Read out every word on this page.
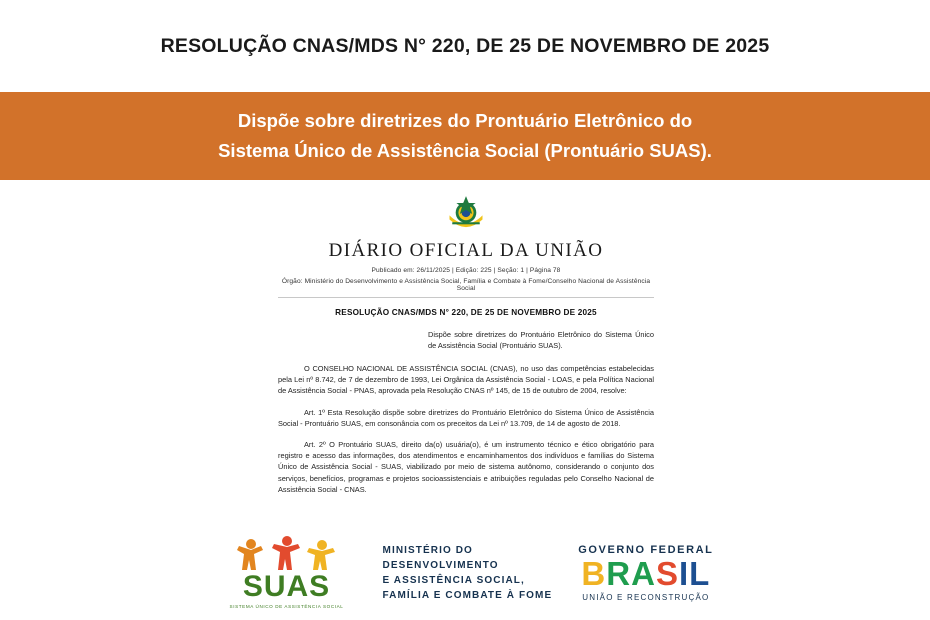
RESOLUÇÃO CNAS/MDS N° 220, DE 25 DE NOVEMBRO DE 2025
Dispõe sobre diretrizes do Prontuário Eletrônico do
Sistema Único de Assistência Social (Prontuário SUAS).
DIÁRIO OFICIAL DA UNIÃO
Publicado em: 26/11/2025 | Edição: 225 | Seção: 1 | Página 78
Órgão: Ministério do Desenvolvimento e Assistência Social, Família e Combate à Fome/Conselho Nacional de Assistência Social
RESOLUÇÃO CNAS/MDS N° 220, DE 25 DE NOVEMBRO DE 2025
Dispõe sobre diretrizes do Prontuário Eletrônico do Sistema Único de Assistência Social (Prontuário SUAS).
O CONSELHO NACIONAL DE ASSISTÊNCIA SOCIAL (CNAS), no uso das competências estabelecidas pela Lei nº 8.742, de 7 de dezembro de 1993, Lei Orgânica da Assistência Social - LOAS, e pela Política Nacional de Assistência Social - PNAS, aprovada pela Resolução CNAS nº 145, de 15 de outubro de 2004, resolve:
Art. 1º Esta Resolução dispõe sobre diretrizes do Prontuário Eletrônico do Sistema Único de Assistência Social - Prontuário SUAS, em consonância com os preceitos da Lei nº 13.709, de 14 de agosto de 2018.
Art. 2º O Prontuário SUAS, direito da(o) usuária(o), é um instrumento técnico e ético obrigatório para registro e acesso das informações, dos atendimentos e encaminhamentos dos indivíduos e famílias do Sistema Único de Assistência Social - SUAS, viabilizado por meio de sistema autônomo, considerando o conjunto dos serviços, benefícios, programas e projetos socioassistenciais e atribuições reguladas pelo Conselho Nacional de Assistência Social - CNAS.
SUAS
SISTEMA ÚNICO DE ASSISTÊNCIA SOCIAL
MINISTÉRIO DO
DESENVOLVIMENTO
E ASSISTÊNCIA SOCIAL,
FAMÍLIA E COMBATE À FOME
GOVERNO FEDERAL
BRASIL
UNIÃO E RECONSTRUÇÃO
